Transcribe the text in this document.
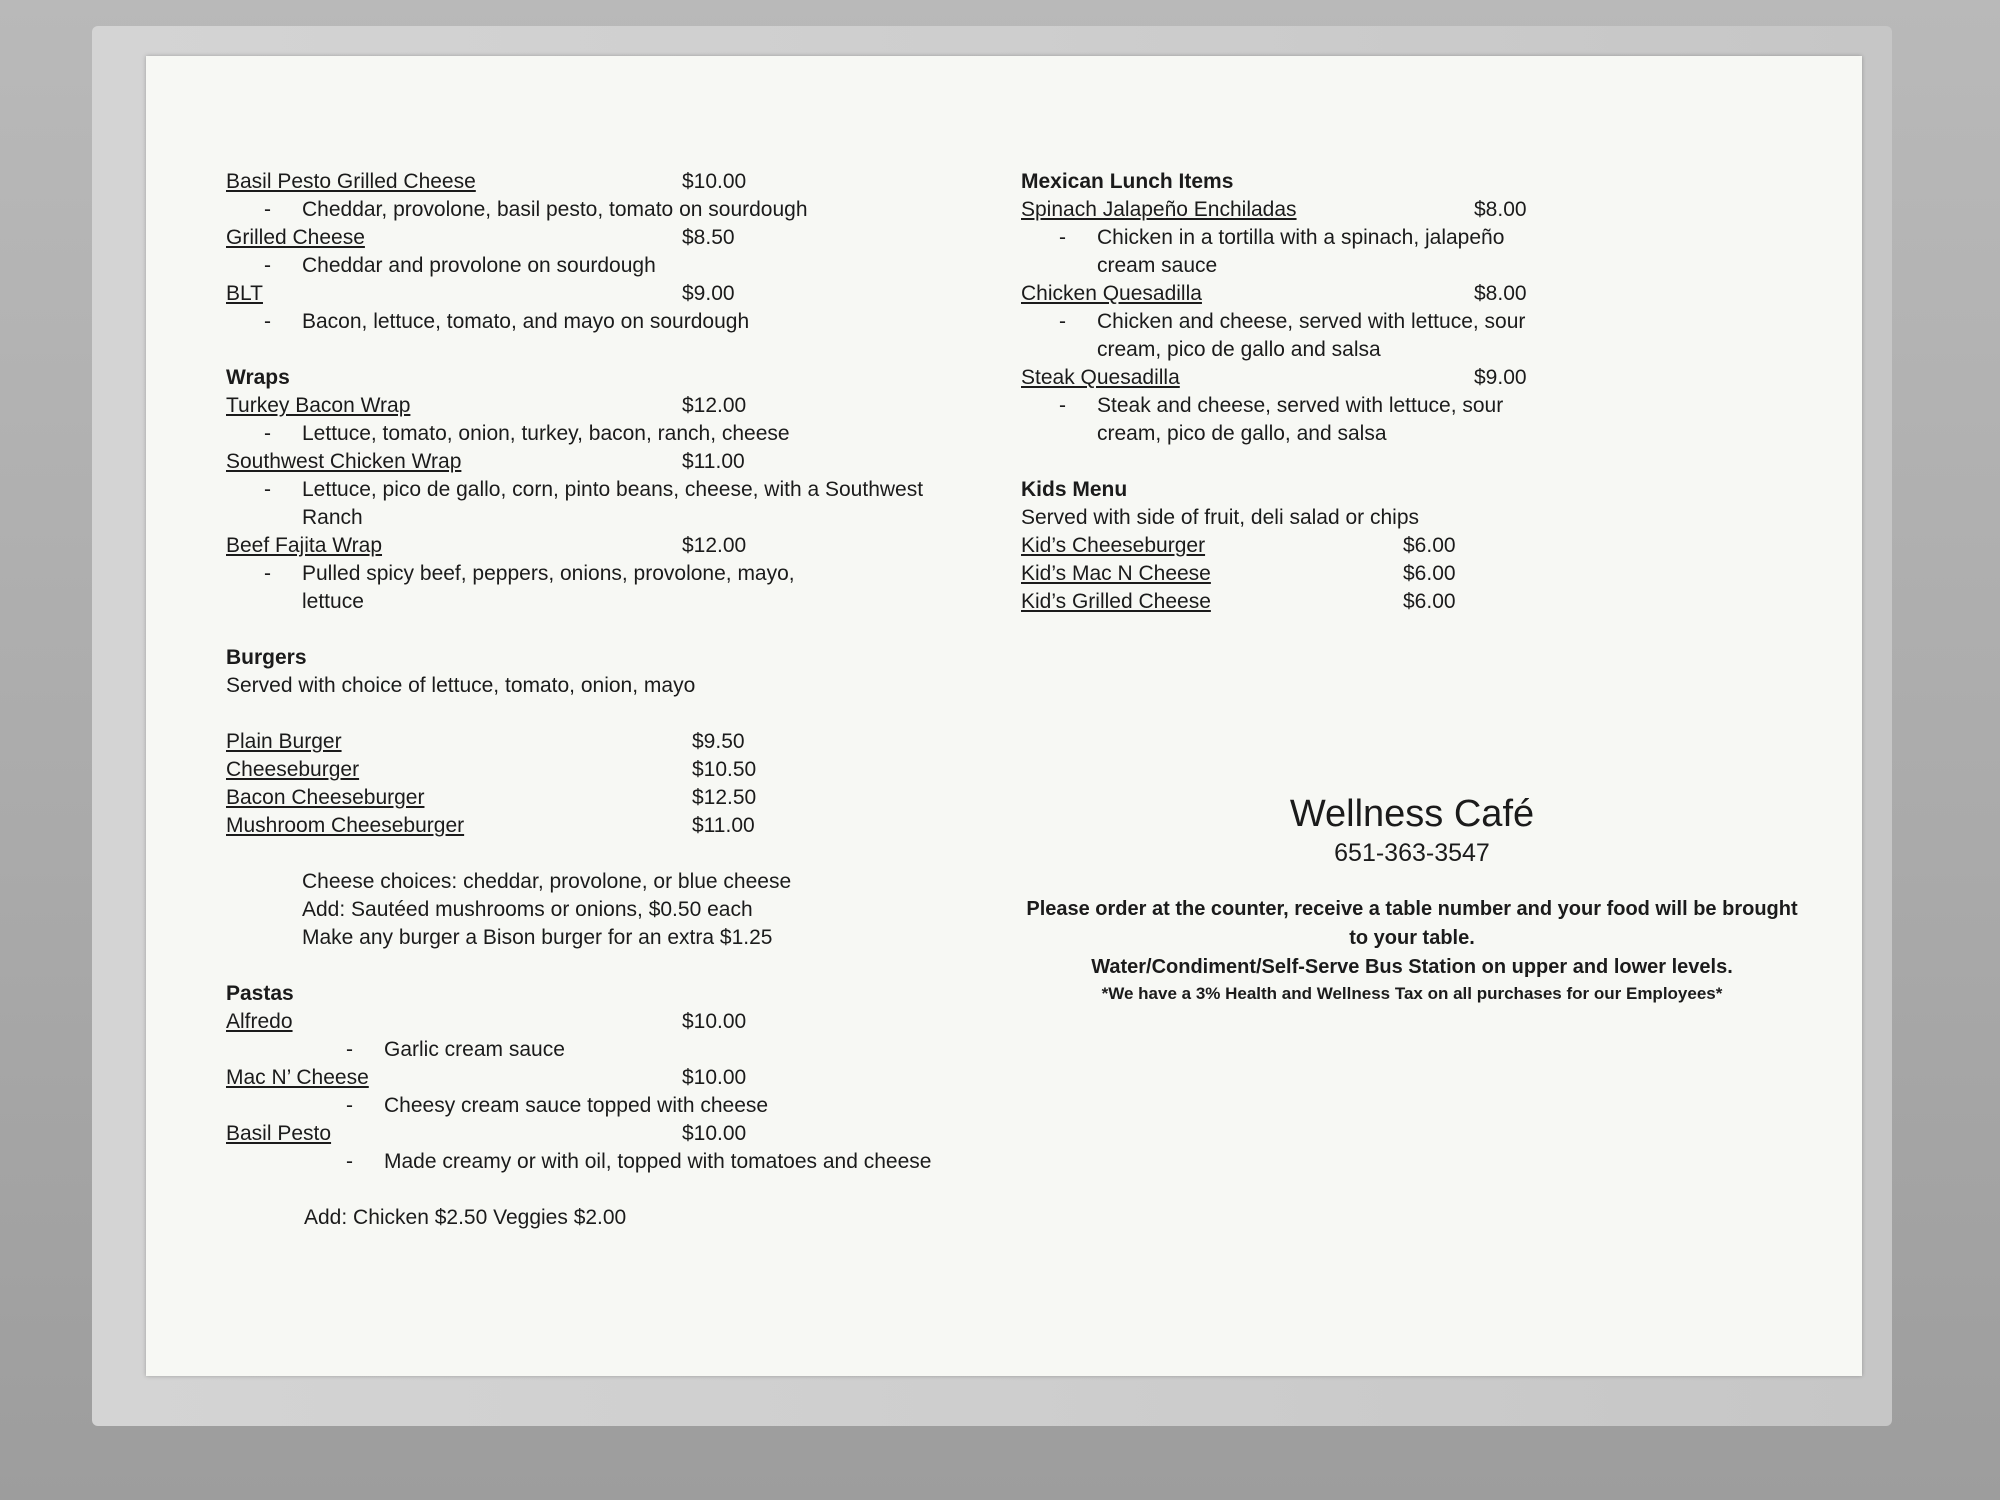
Basil Pesto Grilled Cheese	$10.00
- Cheddar, provolone, basil pesto, tomato on sourdough
Grilled Cheese	$8.50
- Cheddar and provolone on sourdough
BLT	$9.00
- Bacon, lettuce, tomato, and mayo on sourdough
Wraps
Turkey Bacon Wrap	$12.00
- Lettuce, tomato, onion, turkey, bacon, ranch, cheese
Southwest Chicken Wrap	$11.00
- Lettuce, pico de gallo, corn, pinto beans, cheese, with a Southwest Ranch
Beef Fajita Wrap	$12.00
- Pulled spicy beef, peppers, onions, provolone, mayo, lettuce
Burgers
Served with choice of lettuce, tomato, onion, mayo
Plain Burger	$9.50
Cheeseburger	$10.50
Bacon Cheeseburger	$12.50
Mushroom Cheeseburger	$11.00
Cheese choices: cheddar, provolone, or blue cheese
Add: Sautéed mushrooms or onions, $0.50 each
Make any burger a Bison burger for an extra $1.25
Pastas
Alfredo	$10.00
- Garlic cream sauce
Mac N’ Cheese	$10.00
- Cheesy cream sauce topped with cheese
Basil Pesto	$10.00
- Made creamy or with oil, topped with tomatoes and cheese
Add: Chicken $2.50 Veggies $2.00
Mexican Lunch Items
Spinach Jalapeño Enchiladas	$8.00
- Chicken in a tortilla with a spinach, jalapeño cream sauce
Chicken Quesadilla	$8.00
- Chicken and cheese, served with lettuce, sour cream, pico de gallo and salsa
Steak Quesadilla	$9.00
- Steak and cheese, served with lettuce, sour cream, pico de gallo, and salsa
Kids Menu
Served with side of fruit, deli salad or chips
Kid’s Cheeseburger	$6.00
Kid’s Mac N Cheese	$6.00
Kid’s Grilled Cheese	$6.00
Wellness Café
651-363-3547
Please order at the counter, receive a table number and your food will be brought to your table.
Water/Condiment/Self-Serve Bus Station on upper and lower levels.
*We have a 3% Health and Wellness Tax on all purchases for our Employees*
